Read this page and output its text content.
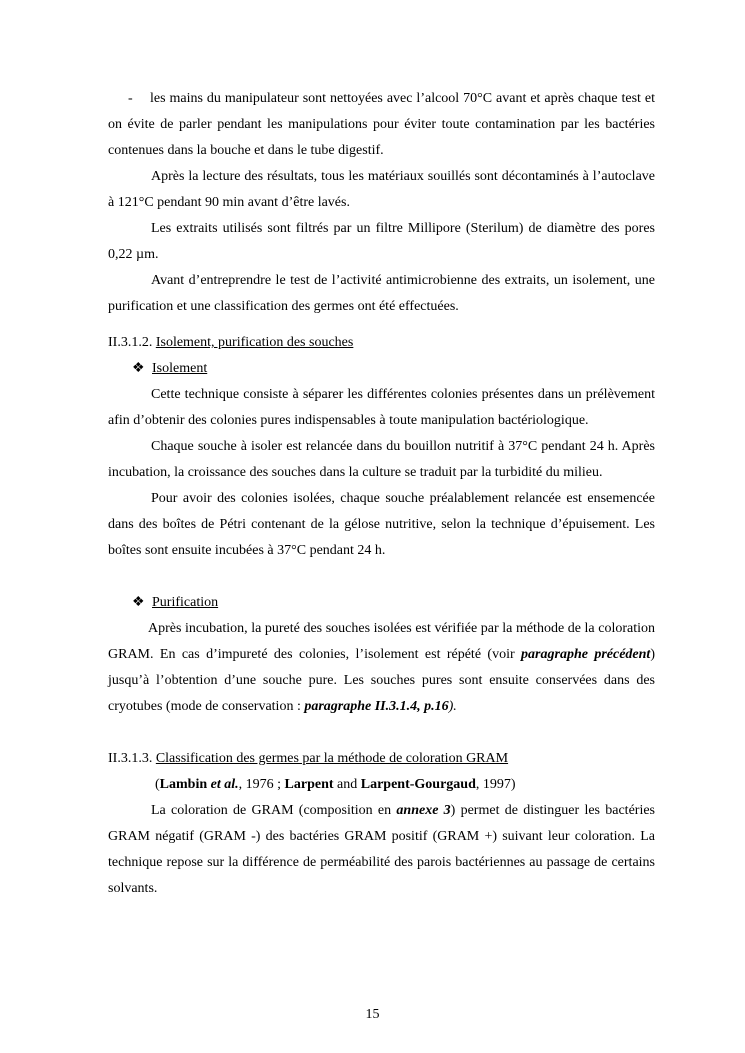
- les mains du manipulateur sont nettoyées avec l’alcool 70°C avant et après chaque test et on évite de parler pendant les manipulations pour éviter toute contamination par les bactéries contenues dans la bouche et dans le tube digestif.

Après la lecture des résultats, tous les matériaux souillés sont décontaminés à l’autoclave à 121°C pendant 90 min avant d’être lavés.

Les extraits utilisés sont filtrés par un filtre Millipore (Sterilum) de diamètre des pores 0,22 µm.

Avant d’entreprendre le test de l’activité antimicrobienne des extraits, un isolement, une purification et une classification des germes ont été effectuées.

II.3.1.2. Isolement, purification des souches

❖ Isolement

Cette technique consiste à séparer les différentes colonies présentes dans un prélèvement afin d’obtenir des colonies pures indispensables à toute manipulation bactériologique.

Chaque souche à isoler est relancée dans du bouillon nutritif à 37°C pendant 24 h. Après incubation, la croissance des souches dans la culture se traduit par la turbidité du milieu.

Pour avoir des colonies isolées, chaque souche préalablement relancée est ensemencée dans des boîtes de Pétri contenant de la gélose nutritive, selon la technique d’épuisement. Les boîtes sont ensuite incubées à 37°C pendant 24 h.

❖ Purification

Après incubation, la pureté des souches isolées est vérifiée par la méthode de la coloration GRAM. En cas d’impureté des colonies, l’isolement est répété (voir paragraphe précédent) jusqu’à l’obtention d’une souche pure. Les souches pures sont ensuite conservées dans des cryotubes (mode de conservation : paragraphe II.3.1.4, p.16).

II.3.1.3. Classification des germes par la méthode de coloration GRAM

(Lambin et al., 1976 ; Larpent and Larpent-Gourgaud, 1997)

La coloration de GRAM (composition en annexe 3) permet de distinguer les bactéries GRAM négatif (GRAM -) des bactéries GRAM positif (GRAM +) suivant leur coloration. La technique repose sur la différence de perméabilité des parois bactériennes au passage de certains solvants.

15
